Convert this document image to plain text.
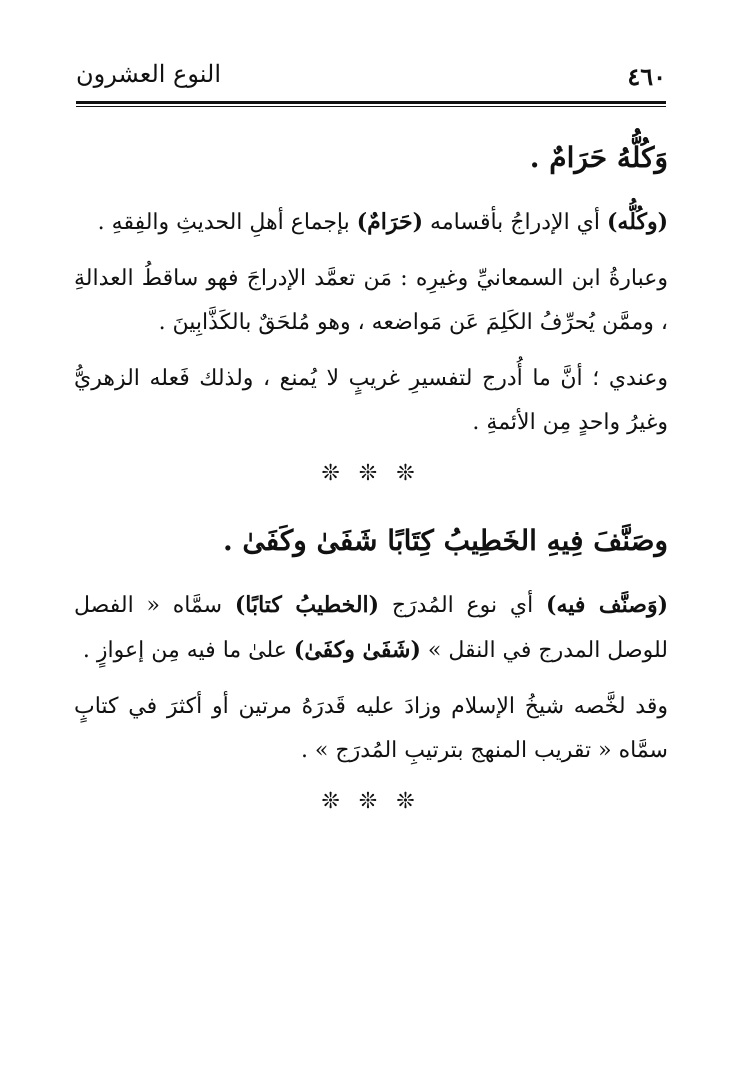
٤٦٠
النوع العشرون
وَكُلُّهُ حَرَامٌ .

(وكُلُّه) أي الإدراجُ بأقسامه (حَرَامٌ) بإجماع أهلِ الحديثِ والفِقهِ .

وعبارةُ ابن السمعانيِّ وغيرِه : مَن تعمَّد الإدراجَ فهو ساقطُ العدالةِ ، وممَّن يُحرِّفُ الكَلِمَ عَن مَواضعه ، وهو مُلحَقٌ بالكَذَّابِينَ .

وعندي ؛ أنَّ ما أُدرج لتفسيرِ غريبٍ لا يُمنع ، ولذلك فَعله الزهريُّ وغيرُ واحدٍ مِن الأئمةِ .

❊ ❊ ❊
وصَنَّفَ فِيهِ الخَطِيبُ كِتَابًا شَفَىٰ وكَفَىٰ .

(وَصنَّف فيه) أي نوع المُدرَج (الخطيبُ كتابًا) سمَّاه « الفصل للوصل المدرج في النقل » (شَفَىٰ وكفَىٰ) علىٰ ما فيه مِن إعوازٍ .

وقد لخَّصه شيخُ الإسلام وزادَ عليه قَدرَهُ مرتين أو أكثرَ في كتابٍ سمَّاه « تقريب المنهج بترتيبِ المُدرَج » .

❊ ❊ ❊
